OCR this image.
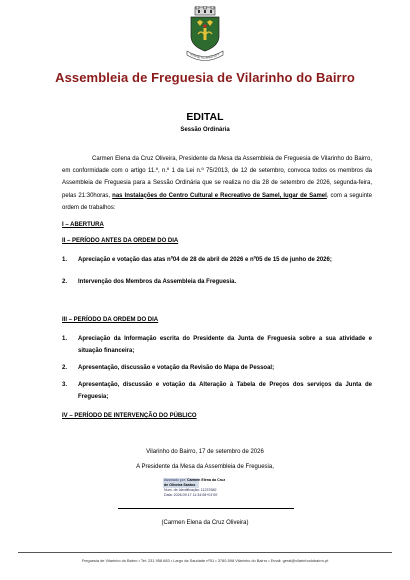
UESIA DE VILARINHO DO B
Assembleia de Freguesia de Vilarinho do Bairro
EDITAL
Sessão Ordinária
Carmen Elena da Cruz Oliveira, Presidente da Mesa da Assembleia de Freguesia de Vilarinho do Bairro, em conformidade com o artigo 11.º, n.º 1 da Lei n.º 75/2013, de 12 de setembro, convoca todos os membros da Assembleia de Freguesia para a Sessão Ordinária que se realiza no dia 28 de setembro de 2026, segunda-feira, pelas 21:30horas, nas Instalações do Centro Cultural e Recreativo de Samel, lugar de Samel, com a seguinte ordem de trabalhos:
I – ABERTURA
II – PERÍODO ANTES DA ORDEM DO DIA
1. Apreciação e votação das atas nº04 de 28 de abril de 2026 e nº05 de 15 de junho de 2026;
2. Intervenção dos Membros da Assembleia da Freguesia.
III – PERÍODO DA ORDEM DO DIA
1. Apreciação da Informação escrita do Presidente da Junta de Freguesia sobre a sua atividade e situação financeira;
2. Apresentação, discussão e votação da Revisão do Mapa de Pessoal;
3. Apresentação, discussão e votação da Alteração à Tabela de Preços dos serviços da Junta de Freguesia;
IV – PERÍODO DE INTERVENÇÃO DO PÚBLICO
Vilarinho do Bairro, 17 de setembro de 2026
A Presidente da Mesa da Assembleia de Freguesia,
Assinado por: Carmen Elena da Cruz
de Oliveira Santos
Num. de Identificação: 11237682
Data: 2026.09.17 11:34:08+01'00'
(Carmen Elena da Cruz Oliveira)
Freguesia de Vilarinho do Bairro • Tel: 231 958 683 • Largo da Saudade nº51 • 3780-598 Vilarinho do Bairro • Email: geral@vilarinhodobairro.pt
